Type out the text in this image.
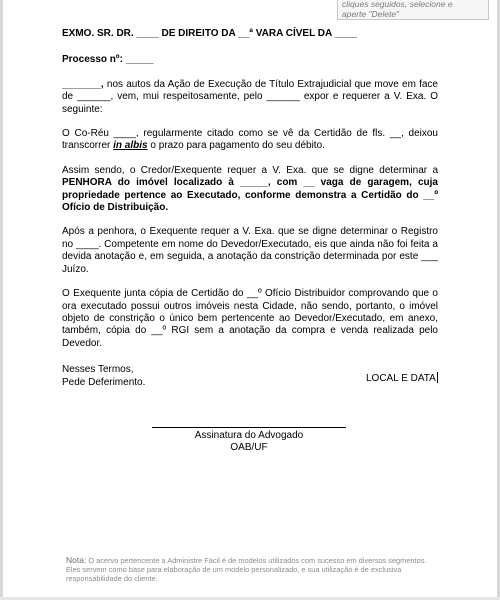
cliques seguidos, selecione e
aperte "Delete"

EXMO. SR. DR. ____ DE DIREITO DA __ª VARA CÍVEL DA ____

Processo nº: _____

_______, nos autos da Ação de Execução de Título Extrajudicial que move em face de ______, vem, mui respeitosamente, pelo ______ expor e requerer a V. Exa. O seguinte:

O Co-Réu ____, regularmente citado como se vê da Certidão de fls. __, deixou transcorrer in albis o prazo para pagamento do seu débito.

Assim sendo, o Credor/Exequente requer a V. Exa. que se digne determinar a PENHORA do imóvel localizado à _____, com __ vaga de garagem, cuja propriedade pertence ao Executado, conforme demonstra a Certidão do __º Ofício de Distribuição.

Após a penhora, o Exequente requer a V. Exa. que se digne determinar o Registro no ____. Competente em nome do Devedor/Executado, eis que ainda não foi feita a devida anotação e, em seguida, a anotação da constrição determinada por este ___ Juízo.

O Exequente junta cópia de Certidão do __º Ofício Distribuidor comprovando que o ora executado possui outros imóveis nesta Cidade, não sendo, portanto, o imóvel objeto de constrição o único bem pertencente ao Devedor/Executado, em anexo, também, cópia do __º RGI sem a anotação da compra e venda realizada pelo Devedor.

Nesses Termos,

Pede Deferimento.	LOCAL E DATA
Assinatura do Advogado
OAB/UF
Nota: O acervo pertencente a Administre Fácil é de modelos utilizados com sucesso em diversos segmentos. Eles servem como base para elaboração de um modelo personalizado, e sua utilização é de exclusiva responsabilidade do cliente.
